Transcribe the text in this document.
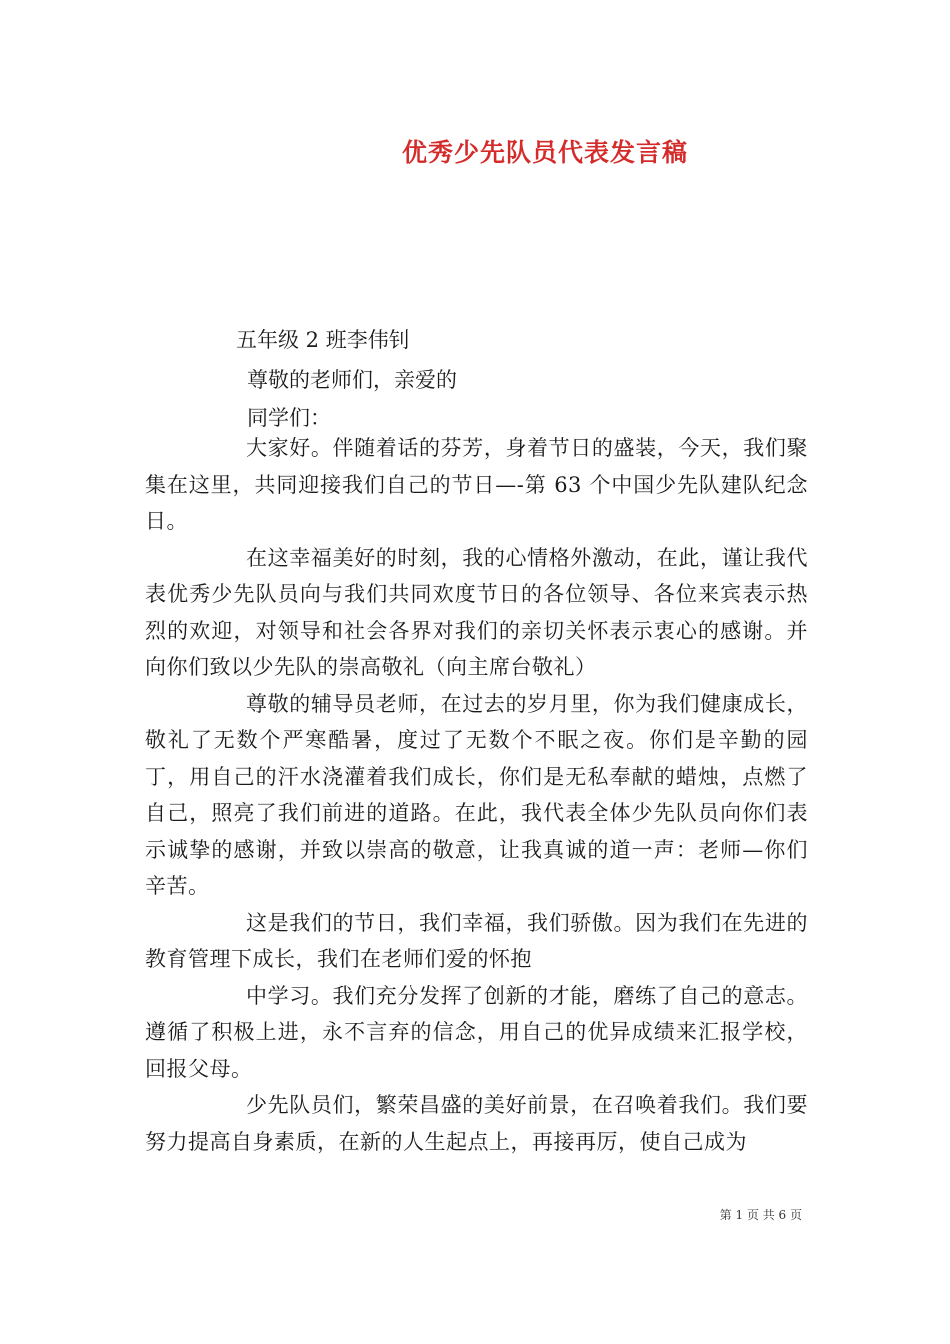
优秀少先队员代表发言稿
五年级 2 班李伟钊
尊敬的老师们，亲爱的
同学们：

大家好。伴随着话的芬芳，身着节日的盛装，今天，我们聚集在这里，共同迎接我们自己的节日—-第 63 个中国少先队建队纪念日。

在这幸福美好的时刻，我的心情格外激动，在此，谨让我代表优秀少先队员向与我们共同欢度节日的各位领导、各位来宾表示热烈的欢迎，对领导和社会各界对我们的亲切关怀表示衷心的感谢。并向你们致以少先队的崇高敬礼（向主席台敬礼）

尊敬的辅导员老师，在过去的岁月里，你为我们健康成长，敬礼了无数个严寒酷暑，度过了无数个不眠之夜。你们是辛勤的园丁，用自己的汗水浇灌着我们成长，你们是无私奉献的蜡烛，点燃了自己，照亮了我们前进的道路。在此，我代表全体少先队员向你们表示诚挚的感谢，并致以崇高的敬意，让我真诚的道一声：老师—你们辛苦。

这是我们的节日，我们幸福，我们骄傲。因为我们在先进的教育管理下成长，我们在老师们爱的怀抱

中学习。我们充分发挥了创新的才能，磨练了自己的意志。遵循了积极上进，永不言弃的信念，用自己的优异成绩来汇报学校，回报父母。

少先队员们，繁荣昌盛的美好前景，在召唤着我们。我们要努力提高自身素质，在新的人生起点上，再接再厉，使自己成为

第 1 页 共 6 页
